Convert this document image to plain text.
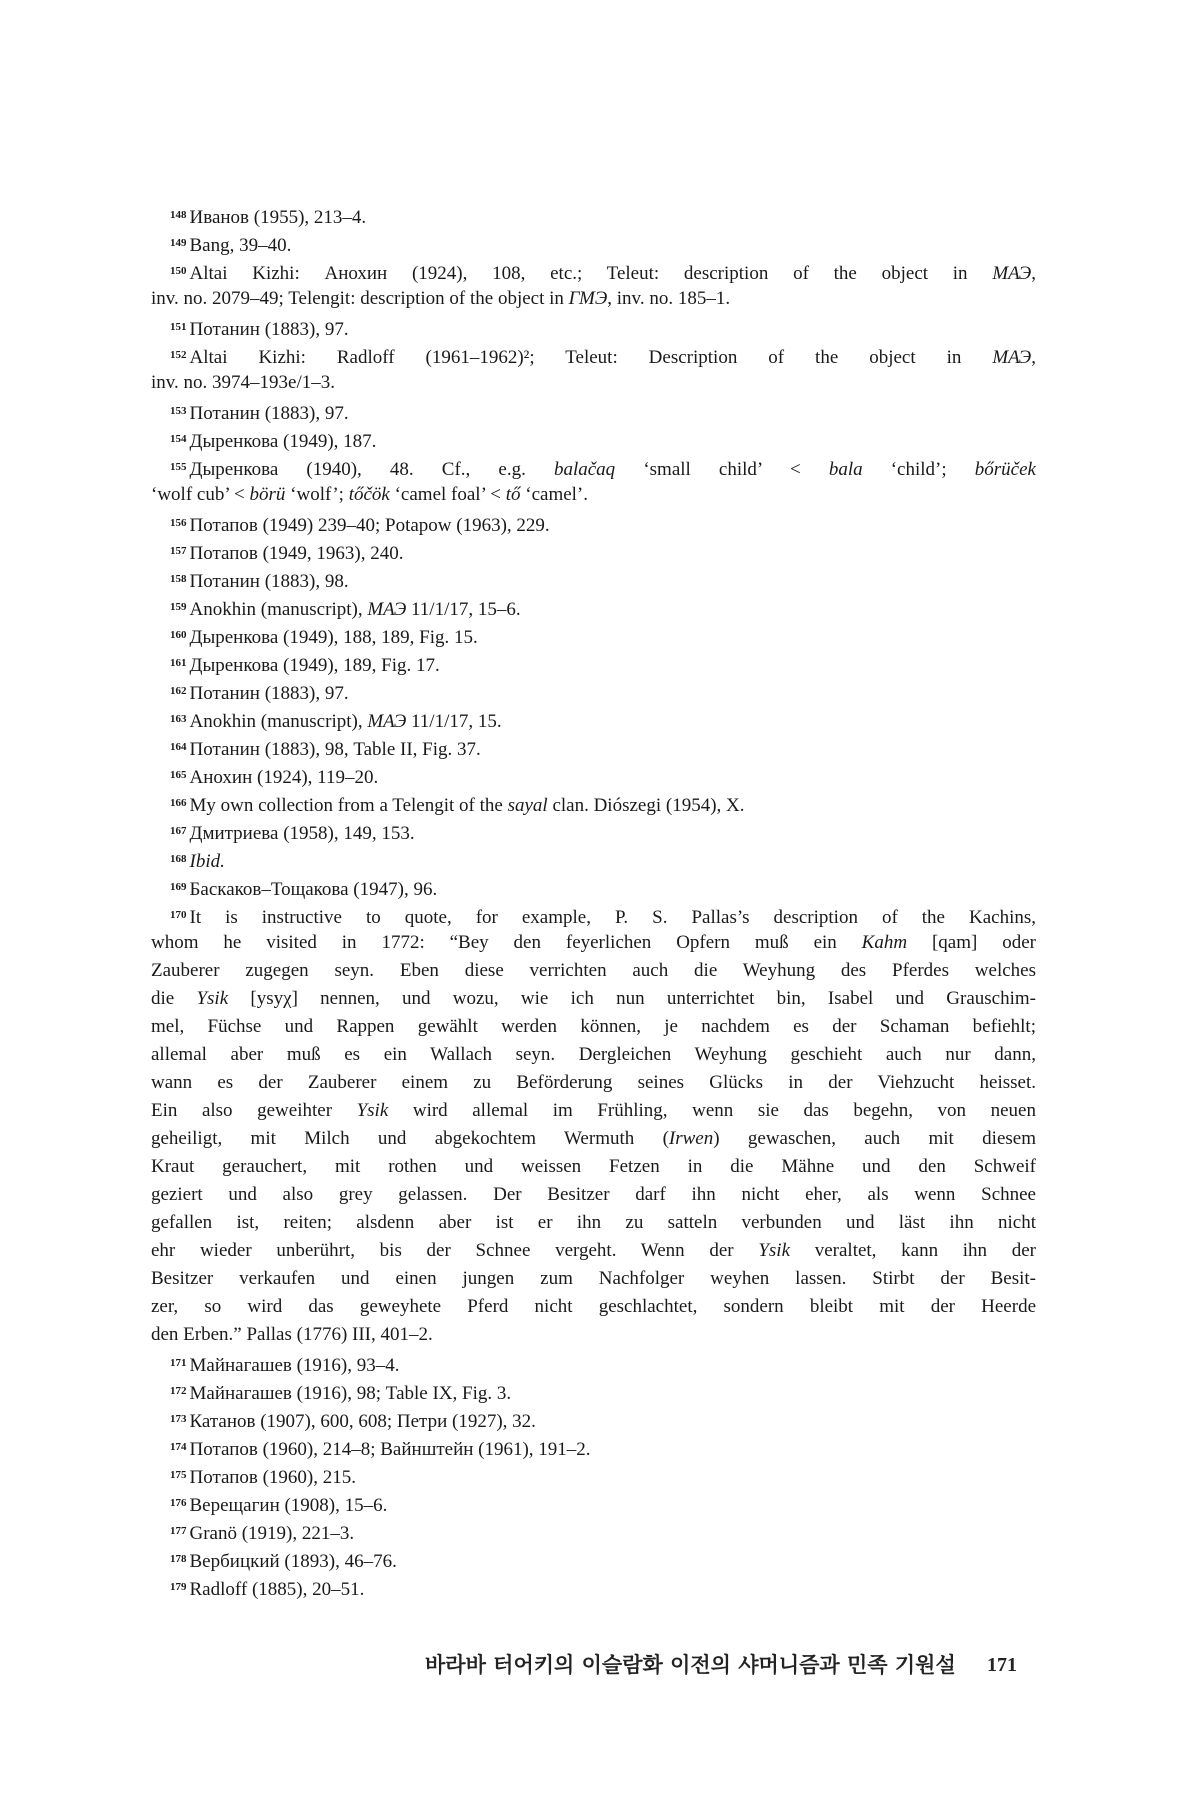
$^{148}$ Иванов (1955), 213–4.
$^{149}$ Bang, 39–40.
$^{150}$ Altai Kizhi: Анохин (1924), 108, etc.; Teleut: description of the object in МАЭ,
inv. no. 2079–49; Telengit: description of the object in ГМЭ, inv. no. 185–1.
$^{151}$ Потанин (1883), 97.
$^{152}$ Altai Kizhi: Radloff (1961–1962)²; Teleut: Description of the object in МАЭ,
inv. no. 3974–193e/1–3.
$^{153}$ Потанин (1883), 97.
$^{154}$ Дыренкова (1949), 187.
$^{155}$ Дыренкова (1940), 48. Cf., e.g. balačaq ‘small child’ < bala ‘child’; bőrüček
‘wolf cub’ < börü ‘wolf’; tőčök ‘camel foal’ < tő ‘camel’.
$^{156}$ Потапов (1949) 239–40; Potapow (1963), 229.
$^{157}$ Потапов (1949, 1963), 240.
$^{158}$ Потанин (1883), 98.
$^{159}$ Anokhin (manuscript), МАЭ 11/1/17, 15–6.
$^{160}$ Дыренкова (1949), 188, 189, Fig. 15.
$^{161}$ Дыренкова (1949), 189, Fig. 17.
$^{162}$ Потанин (1883), 97.
$^{163}$ Anokhin (manuscript), МАЭ 11/1/17, 15.
$^{164}$ Потанин (1883), 98, Table II, Fig. 37.
$^{165}$ Анохин (1924), 119–20.
$^{166}$ My own collection from a Telengit of the sayal clan. Diószegi (1954), X.
$^{167}$ Дмитриева (1958), 149, 153.
$^{168}$ Ibid.
$^{169}$ Баскаков–Тощакова (1947), 96.
$^{170}$ It is instructive to quote, for example, P. S. Pallas’s description of the Kachins,
whom he visited in 1772: “Bey den feyerlichen Opfern muß ein Kahm [qam] oder
Zauberer zugegen seyn. Eben diese verrichten auch die Weyhung des Pferdes welches
die Ysik [ysyχ] nennen, und wozu, wie ich nun unterrichtet bin, Isabel und Grauschim-
mel, Füchse und Rappen gewählt werden können, je nachdem es der Schaman befiehlt;
allemal aber muß es ein Wallach seyn. Dergleichen Weyhung geschieht auch nur dann,
wann es der Zauberer einem zu Beförderung seines Glücks in der Viehzucht heisset.
Ein also geweihter Ysik wird allemal im Frühling, wenn sie das begehn, von neuen
geheiligt, mit Milch und abgekochtem Wermuth (Irwen) gewaschen, auch mit diesem
Kraut gerauchert, mit rothen und weissen Fetzen in die Mähne und den Schweif
geziert und also grey gelassen. Der Besitzer darf ihn nicht eher, als wenn Schnee
gefallen ist, reiten; alsdenn aber ist er ihn zu satteln verbunden und läst ihn nicht
ehr wieder unberührt, bis der Schnee vergeht. Wenn der Ysik veraltet, kann ihn der
Besitzer verkaufen und einen jungen zum Nachfolger weyhen lassen. Stirbt der Besit-
zer, so wird das geweyhete Pferd nicht geschlachtet, sondern bleibt mit der Heerde
den Erben.” Pallas (1776) III, 401–2.
$^{171}$ Майнагашев (1916), 93–4.
$^{172}$ Майнагашев (1916), 98; Table IX, Fig. 3.
$^{173}$ Катанов (1907), 600, 608; Петри (1927), 32.
$^{174}$ Потапов (1960), 214–8; Вайнштейн (1961), 191–2.
$^{175}$ Потапов (1960), 215.
$^{176}$ Верещагин (1908), 15–6.
$^{177}$ Granö (1919), 221–3.
$^{178}$ Вербицкий (1893), 46–76.
$^{179}$ Radloff (1885), 20–51.
바라바 터어키의 이슬람화 이전의 샤머니즘과 민족 기원설 171
